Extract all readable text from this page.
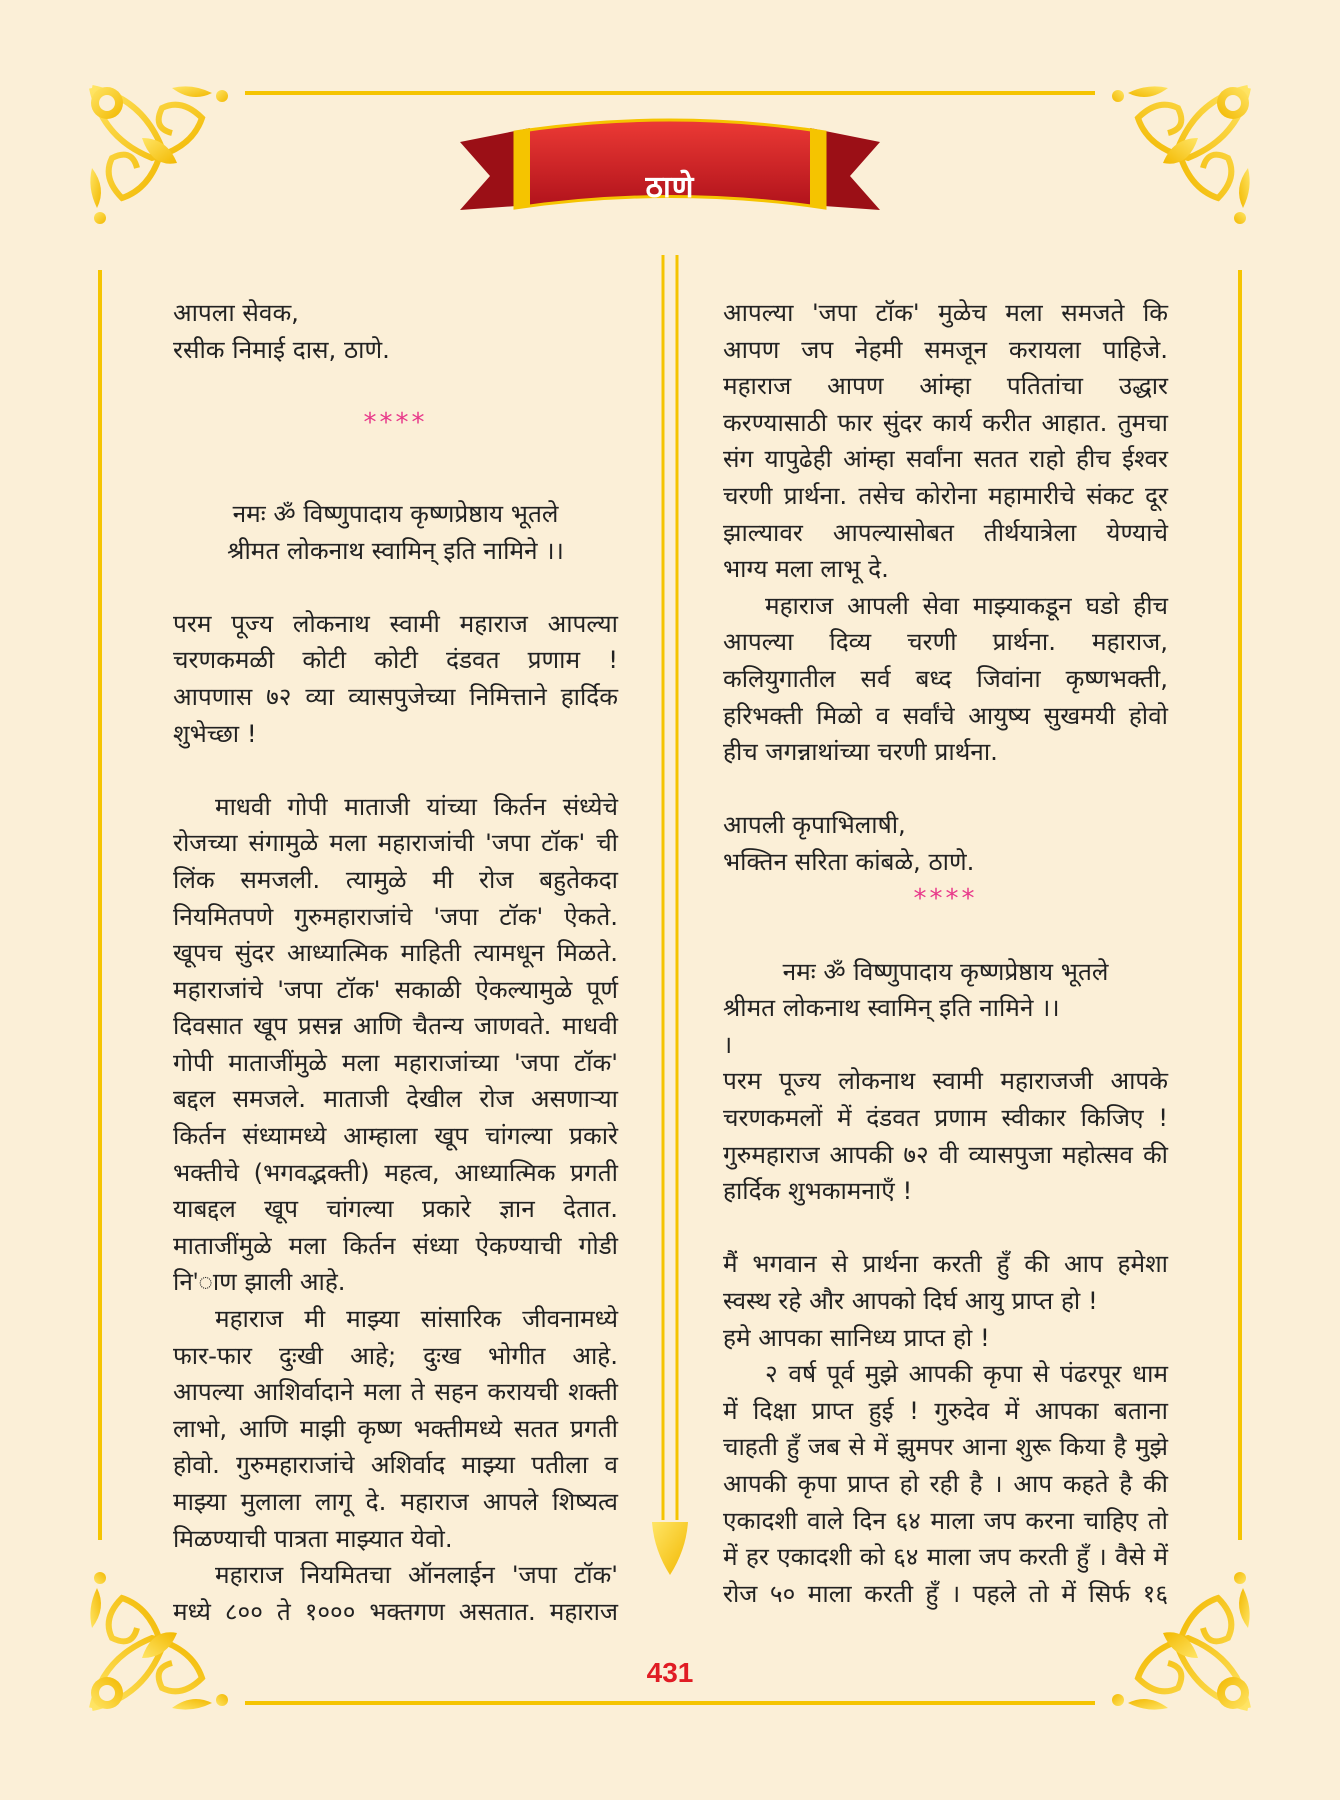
ठाणे

आपला सेवक,

रसीक निमाई दास, ठाणे.

****

नमः ॐ विष्णुपादाय कृष्णप्रेष्ठाय भूतले

श्रीमत लोकनाथ स्वामिन् इति नामिने ।।

परम पूज्य लोकनाथ स्वामी महाराज आपल्या

चरणकमळी कोटी कोटी दंडवत प्रणाम !

आपणास ७२ व्या व्यासपुजेच्या निमित्ताने हार्दिक

शुभेच्छा !

माधवी गोपी माताजी यांच्या किर्तन संध्येचे

रोजच्या संगामुळे मला महाराजांची 'जपा टॉक' ची

लिंक समजली. त्यामुळे मी रोज बहुतेकदा

नियमितपणे गुरुमहाराजांचे 'जपा टॉक' ऐकते.

खूपच सुंदर आध्यात्मिक माहिती त्यामधून मिळते.

महाराजांचे 'जपा टॉक' सकाळी ऐकल्यामुळे पूर्ण

दिवसात खूप प्रसन्न आणि चैतन्य जाणवते. माधवी

गोपी माताजींमुळे मला महाराजांच्या 'जपा टॉक'

बद्दल समजले. माताजी देखील रोज असणाऱ्या

किर्तन संध्यामध्ये आम्हाला खूप चांगल्या प्रकारे

भक्तीचे (भगवद्भक्ती) महत्व, आध्यात्मिक प्रगती

याबद्दल खूप चांगल्या प्रकारे ज्ञान देतात.

माताजींमुळे मला किर्तन संध्या ऐकण्याची गोडी

नि'ाण झाली आहे.

महाराज मी माझ्या सांसारिक जीवनामध्ये

फार-फार दुःखी आहे; दुःख भोगीत आहे.

आपल्या आशिर्वादाने मला ते सहन करायची शक्ती

लाभो, आणि माझी कृष्ण भक्तीमध्ये सतत प्रगती

होवो. गुरुमहाराजांचे अशिर्वाद माझ्या पतीला व

माझ्या मुलाला लागू दे. महाराज आपले शिष्यत्व

मिळण्याची पात्रता माझ्यात येवो.

महाराज नियमितचा ऑनलाईन 'जपा टॉक'

मध्ये ८०० ते १००० भक्तगण असतात. महाराज

आपल्या 'जपा टॉक' मुळेच मला समजते कि

आपण जप नेहमी समजून करायला पाहिजे.

महाराज आपण आंम्हा पतितांचा उद्धार

करण्यासाठी फार सुंदर कार्य करीत आहात. तुमचा

संग यापुढेही आंम्हा सर्वांना सतत राहो हीच ईश्वर

चरणी प्रार्थना. तसेच कोरोना महामारीचे संकट दूर

झाल्यावर आपल्यासोबत तीर्थयात्रेला येण्याचे

भाग्य मला लाभू दे.

महाराज आपली सेवा माझ्याकडून घडो हीच

आपल्या दिव्य चरणी प्रार्थना. महाराज,

कलियुगातील सर्व बध्द जिवांना कृष्णभक्ती,

हरिभक्ती मिळो व सर्वांचे आयुष्य सुखमयी होवो

हीच जगन्नाथांच्या चरणी प्रार्थना.

आपली कृपाभिलाषी,

भक्तिन सरिता कांबळे, ठाणे.

****

नमः ॐ विष्णुपादाय कृष्णप्रेष्ठाय भूतले

श्रीमत लोकनाथ स्वामिन् इति नामिने ।।

।

परम पूज्य लोकनाथ स्वामी महाराजजी आपके

चरणकमलों में दंडवत प्रणाम स्वीकार किजिए !

गुरुमहाराज आपकी ७२ वी व्यासपुजा महोत्सव की

हार्दिक शुभकामनाएँ !

मैं भगवान से प्रार्थना करती हुँ की आप हमेशा

स्वस्थ रहे और आपको दिर्घ आयु प्राप्त हो !

हमे आपका सानिध्य प्राप्त हो !

२ वर्ष पूर्व मुझे आपकी कृपा से पंढरपूर धाम

में दिक्षा प्राप्त हुई ! गुरुदेव में आपका बताना

चाहती हुँ जब से में झुमपर आना शुरू किया है मुझे

आपकी कृपा प्राप्त हो रही है । आप कहते है की

एकादशी वाले दिन ६४ माला जप करना चाहिए तो

में हर एकादशी को ६४ माला जप करती हुँ । वैसे में

रोज ५० माला करती हुँ । पहले तो में सिर्फ १६

431
